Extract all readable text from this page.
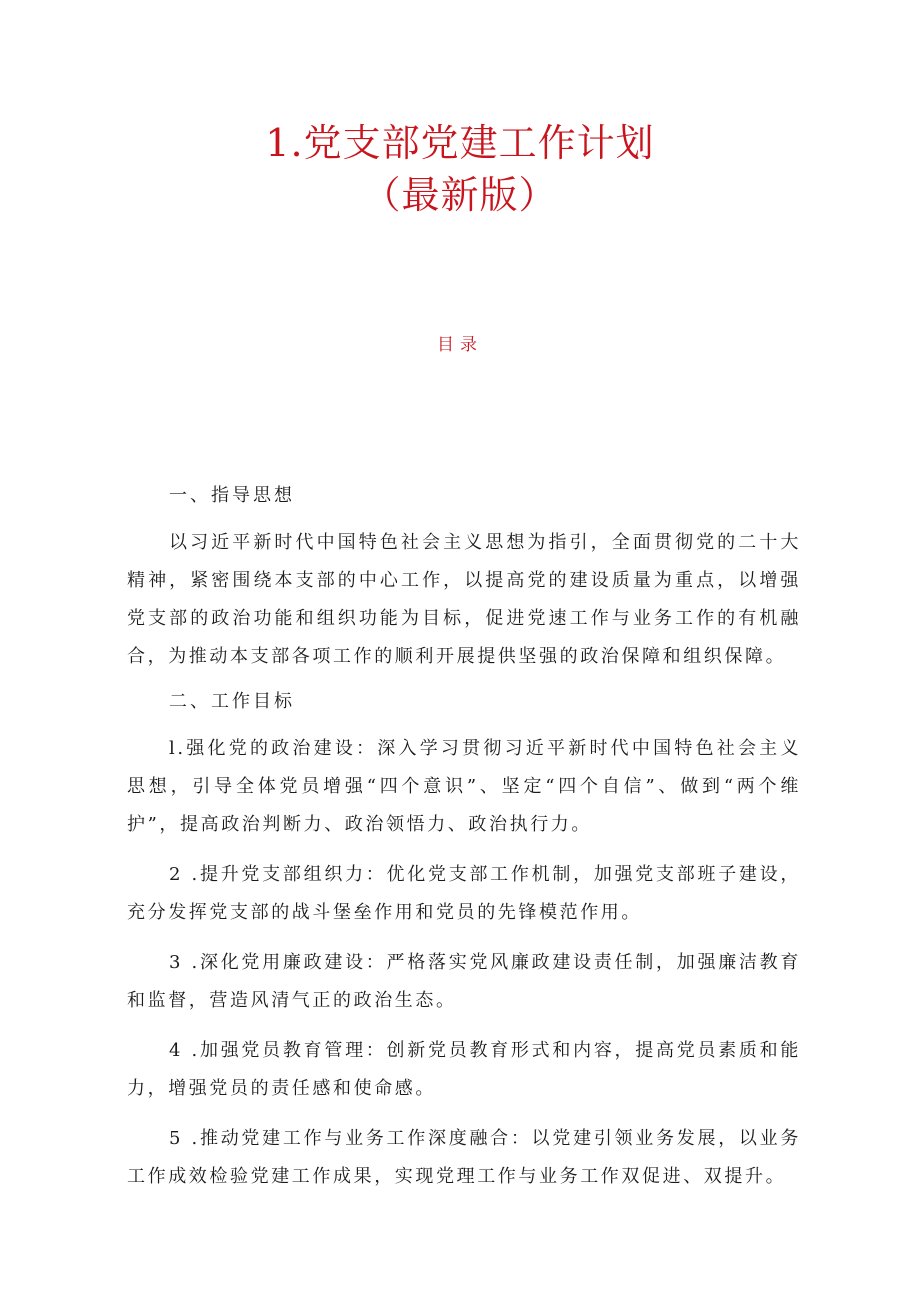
1.党支部党建工作计划
（最新版）
目录
一、指导思想

以习近平新时代中国特色社会主义思想为指引，全面贯彻党的二十大精神，紧密围绕本支部的中心工作，以提高党的建设质量为重点，以增强党支部的政治功能和组织功能为目标，促进党速工作与业务工作的有机融合，为推动本支部各项工作的顺利开展提供坚强的政治保障和组织保障。

二、工作目标

l.强化党的政治建设：深入学习贯彻习近平新时代中国特色社会主义思想，引导全体党员增强“四个意识”、坚定“四个自信”、做到“两个维护”，提高政治判断力、政治领悟力、政治执行力。

2 .提升党支部组织力：优化党支部工作机制，加强党支部班子建设，充分发挥党支部的战斗堡垒作用和党员的先锋模范作用。

3 .深化党用廉政建设：严格落实党风廉政建设责任制，加强廉洁教育和监督，营造风清气正的政治生态。

4 .加强党员教育管理：创新党员教育形式和内容，提高党员素质和能力，增强党员的责任感和使命感。

5 .推动党建工作与业务工作深度融合：以党建引领业务发展，以业务工作成效检验党建工作成果，实现党理工作与业务工作双促进、双提升。
